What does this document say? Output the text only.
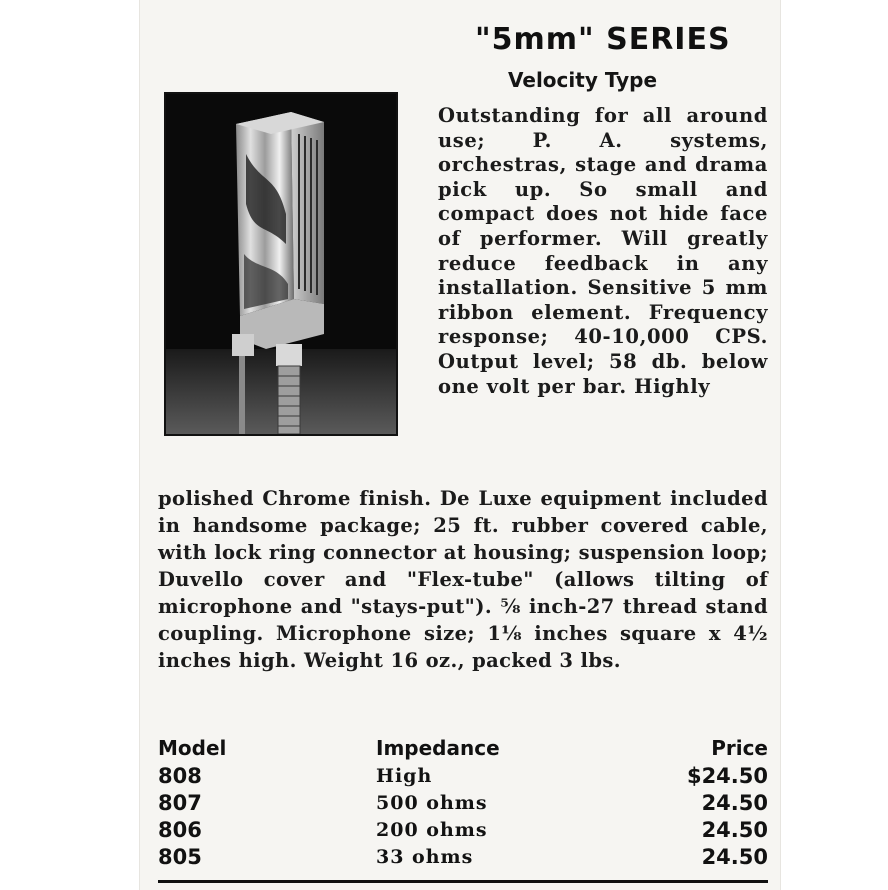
"5mm" SERIES
Velocity Type
Outstanding for all around use; P. A. systems, orchestras, stage and drama pick up. So small and compact does not hide face of performer. Will greatly reduce feedback in any installation. Sensitive 5 mm ribbon element. Frequency response; 40-10,000 CPS. Output level; 58 db. below one volt per bar. Highly
polished Chrome finish. De Luxe equipment included in handsome package; 25 ft. rubber covered cable, with lock ring connector at housing; suspension loop; Duvello cover and "Flex-tube" (allows tilting of microphone and "stays-put"). ⅝ inch-27 thread stand coupling. Microphone size; 1⅛ inches square x 4½ inches high. Weight 16 oz., packed 3 lbs.
Model	Impedance	Price
808	High	$24.50
807	500 ohms	24.50
806	200 ohms	24.50
805	33 ohms	24.50
